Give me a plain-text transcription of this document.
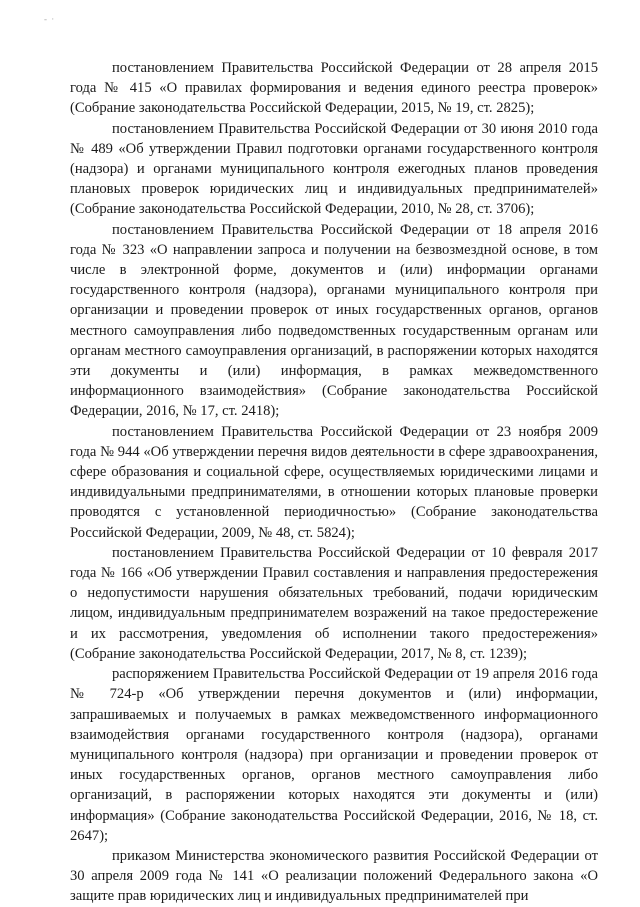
- ·

постановлением Правительства Российской Федерации от 28 апреля 2015 года № 415 «О правилах формирования и ведения единого реестра проверок» (Собрание законодательства Российской Федерации, 2015, № 19, ст. 2825);

постановлением Правительства Российской Федерации от 30 июня 2010 года № 489 «Об утверждении Правил подготовки органами государственного контроля (надзора) и органами муниципального контроля ежегодных планов проведения плановых проверок юридических лиц и индивидуальных предпринимателей» (Собрание законодательства Российской Федерации, 2010, № 28, ст. 3706);

постановлением Правительства Российской Федерации от 18 апреля 2016 года № 323 «О направлении запроса и получении на безвозмездной основе, в том числе в электронной форме, документов и (или) информации органами государственного контроля (надзора), органами муниципального контроля при организации и проведении проверок от иных государственных органов, органов местного самоуправления либо подведомственных государственным органам или органам местного самоуправления организаций, в распоряжении которых находятся эти документы и (или) информация, в рамках межведомственного информационного взаимодействия» (Собрание законодательства Российской Федерации, 2016, № 17, ст. 2418);

постановлением Правительства Российской Федерации от 23 ноября 2009 года № 944 «Об утверждении перечня видов деятельности в сфере здравоохранения, сфере образования и социальной сфере, осуществляемых юридическими лицами и индивидуальными предпринимателями, в отношении которых плановые проверки проводятся с установленной периодичностью» (Собрание законодательства Российской Федерации, 2009, № 48, ст. 5824);

постановлением Правительства Российской Федерации от 10 февраля 2017 года № 166 «Об утверждении Правил составления и направления предостережения о недопустимости нарушения обязательных требований, подачи юридическим лицом, индивидуальным предпринимателем возражений на такое предостережение и их рассмотрения, уведомления об исполнении такого предостережения» (Собрание законодательства Российской Федерации, 2017, № 8, ст. 1239);

распоряжением Правительства Российской Федерации от 19 апреля 2016 года № 724-р «Об утверждении перечня документов и (или) информации, запрашиваемых и получаемых в рамках межведомственного информационного взаимодействия органами государственного контроля (надзора), органами муниципального контроля (надзора) при организации и проведении проверок от иных государственных органов, органов местного самоуправления либо организаций, в распоряжении которых находятся эти документы и (или) информация» (Собрание законодательства Российской Федерации, 2016, № 18, ст. 2647);

приказом Министерства экономического развития Российской Федерации от 30 апреля 2009 года № 141 «О реализации положений Федерального закона «О защите прав юридических лиц и индивидуальных предпринимателей при
